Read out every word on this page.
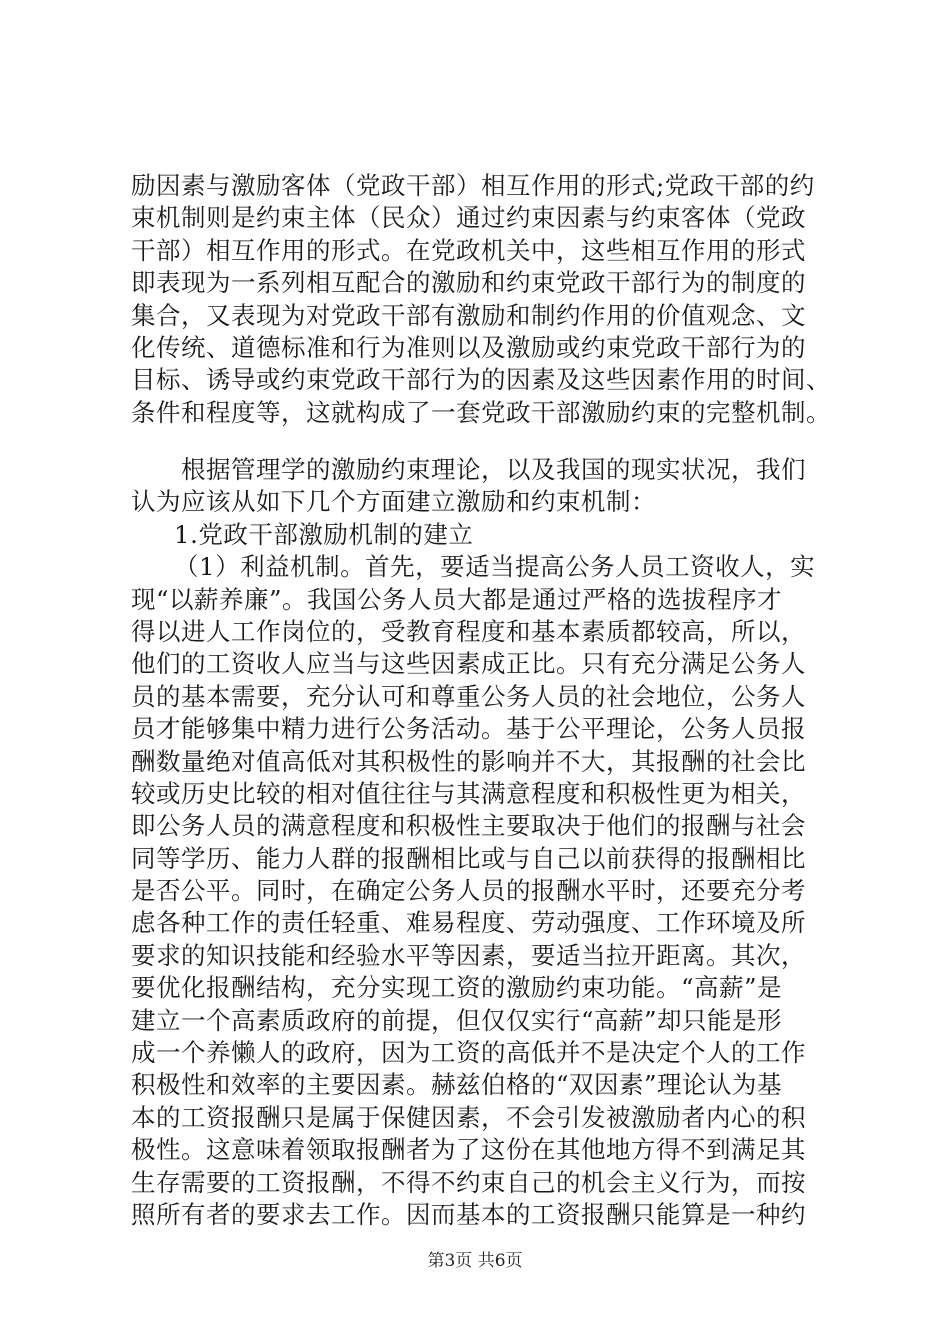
励因素与激励客体（党政干部）相互作用的形式;党政干部的约
束机制则是约束主体（民众）通过约束因素与约束客体（党政
干部）相互作用的形式。在党政机关中，这些相互作用的形式
即表现为一系列相互配合的激励和约束党政干部行为的制度的
集合，又表现为对党政干部有激励和制约作用的价值观念、文
化传统、道德标准和行为准则以及激励或约束党政干部行为的
目标、诱导或约束党政干部行为的因素及这些因素作用的时间、
条件和程度等，这就构成了一套党政干部激励约束的完整机制。
根据管理学的激励约束理论，以及我国的现实状况，我们
认为应该从如下几个方面建立激励和约束机制：
1.党政干部激励机制的建立
（1）利益机制。首先，要适当提高公务人员工资收人，实
现“以薪养廉”。我国公务人员大都是通过严格的选拔程序才
得以进人工作岗位的，受教育程度和基本素质都较高，所以，
他们的工资收人应当与这些因素成正比。只有充分满足公务人
员的基本需要，充分认可和尊重公务人员的社会地位，公务人
员才能够集中精力进行公务活动。基于公平理论，公务人员报
酬数量绝对值高低对其积极性的影响并不大，其报酬的社会比
较或历史比较的相对值往往与其满意程度和积极性更为相关，
即公务人员的满意程度和积极性主要取决于他们的报酬与社会
同等学历、能力人群的报酬相比或与自己以前获得的报酬相比
是否公平。同时，在确定公务人员的报酬水平时，还要充分考
虑各种工作的责任轻重、难易程度、劳动强度、工作环境及所
要求的知识技能和经验水平等因素，要适当拉开距离。其次，
要优化报酬结构，充分实现工资的激励约束功能。“高薪”是
建立一个高素质政府的前提，但仅仅实行“高薪”却只能是形
成一个养懒人的政府，因为工资的高低并不是决定个人的工作
积极性和效率的主要因素。赫兹伯格的“双因素”理论认为基
本的工资报酬只是属于保健因素，不会引发被激励者内心的积
极性。这意味着领取报酬者为了这份在其他地方得不到满足其
生存需要的工资报酬，不得不约束自己的机会主义行为，而按
照所有者的要求去工作。因而基本的工资报酬只能算是一种约
第3页 共6页
